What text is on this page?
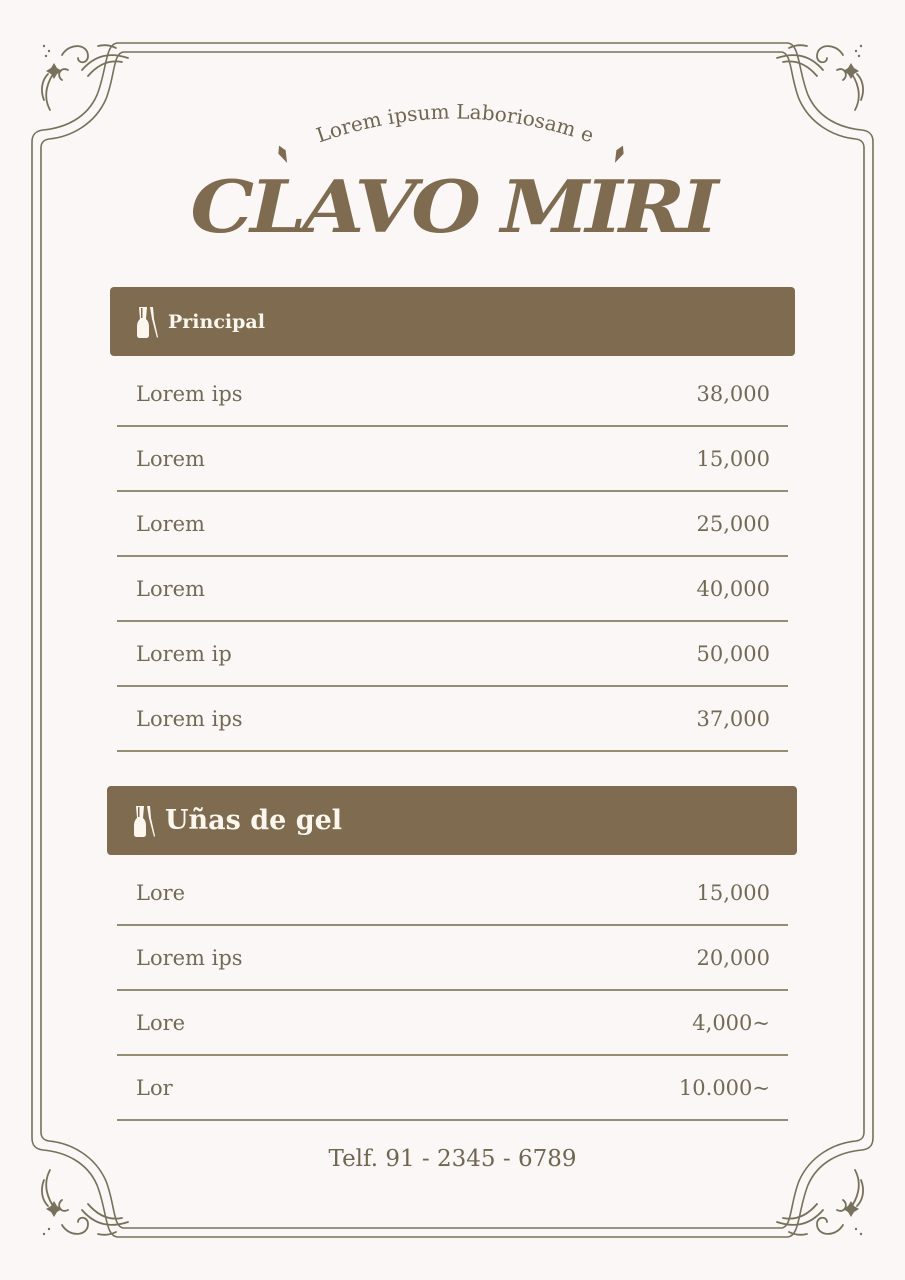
Lorem ipsum Laboriosam e
CLAVO MIRI
Principal
Lorem ips	38,000
Lorem	15,000
Lorem	25,000
Lorem	40,000
Lorem ip	50,000
Lorem ips	37,000
Uñas de gel
Lore	15,000
Lorem ips	20,000
Lore	4,000~
Lor	10.000~
Telf. 91 - 2345 - 6789
